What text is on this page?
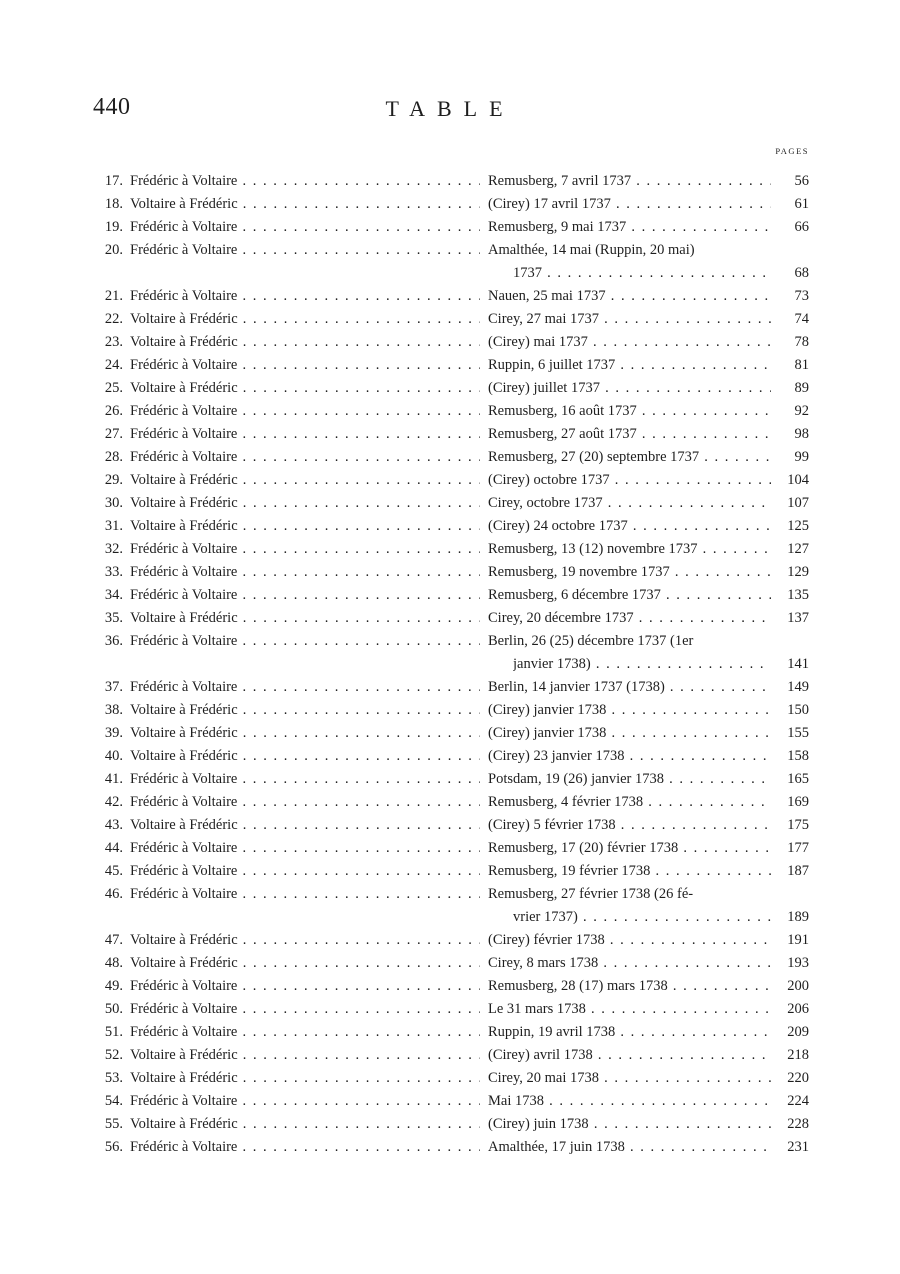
440	TABLE
PAGES
17. Frédéric à Voltaire . . .	Remusberg, 7 avril 1737 . . .	56
18. Voltaire à Frédéric . . .	(Cirey) 17 avril 1737 . . .	61
19. Frédéric à Voltaire . . .	Remusberg, 9 mai 1737 . . .	66
20. Frédéric à Voltaire . . .	Amalthée, 14 mai (Ruppin, 20 mai)
1737 . . .	68
21. Frédéric à Voltaire . . .	Nauen, 25 mai 1737 . . .	73
22. Voltaire à Frédéric . . .	Cirey, 27 mai 1737 . . .	74
23. Voltaire à Frédéric . . .	(Cirey) mai 1737 . . .	78
24. Frédéric à Voltaire . . .	Ruppin, 6 juillet 1737 . . .	81
25. Voltaire à Frédéric . . .	(Cirey) juillet 1737 . . .	89
26. Frédéric à Voltaire . . .	Remusberg, 16 août 1737 . . .	92
27. Frédéric à Voltaire . . .	Remusberg, 27 août 1737 . . .	98
28. Frédéric à Voltaire . . .	Remusberg, 27 (20) septembre 1737 . . .	99
29. Voltaire à Frédéric . . .	(Cirey) octobre 1737 . . .	104
30. Voltaire à Frédéric . . .	Cirey, octobre 1737 . . .	107
31. Voltaire à Frédéric . . .	(Cirey) 24 octobre 1737 . . .	125
32. Frédéric à Voltaire . . .	Remusberg, 13 (12) novembre 1737 . . .	127
33. Frédéric à Voltaire . . .	Remusberg, 19 novembre 1737 . . .	129
34. Frédéric à Voltaire . . .	Remusberg, 6 décembre 1737 . . .	135
35. Voltaire à Frédéric . . .	Cirey, 20 décembre 1737 . . .	137
36. Frédéric à Voltaire . . .	Berlin, 26 (25) décembre 1737 (1er
janvier 1738) . . .	141
37. Frédéric à Voltaire . . .	Berlin, 14 janvier 1737 (1738) . . .	149
38. Voltaire à Frédéric . . .	(Cirey) janvier 1738 . . .	150
39. Voltaire à Frédéric . . .	(Cirey) janvier 1738 . . .	155
40. Voltaire à Frédéric . . .	(Cirey) 23 janvier 1738 . . .	158
41. Frédéric à Voltaire . . .	Potsdam, 19 (26) janvier 1738 . . .	165
42. Frédéric à Voltaire . . .	Remusberg, 4 février 1738 . . .	169
43. Voltaire à Frédéric . . .	(Cirey) 5 février 1738 . . .	175
44. Frédéric à Voltaire . . .	Remusberg, 17 (20) février 1738 . . .	177
45. Frédéric à Voltaire . . .	Remusberg, 19 février 1738 . . .	187
46. Frédéric à Voltaire . . .	Remusberg, 27 février 1738 (26 fé-
vrier 1737) . . .	189
47. Voltaire à Frédéric . . .	(Cirey) février 1738 . . .	191
48. Voltaire à Frédéric . . .	Cirey, 8 mars 1738 . . .	193
49. Frédéric à Voltaire . . .	Remusberg, 28 (17) mars 1738 . . .	200
50. Frédéric à Voltaire . . .	Le 31 mars 1738 . . .	206
51. Frédéric à Voltaire . . .	Ruppin, 19 avril 1738 . . .	209
52. Voltaire à Frédéric . . .	(Cirey) avril 1738 . . .	218
53. Voltaire à Frédéric . . .	Cirey, 20 mai 1738 . . .	220
54. Frédéric à Voltaire . . .	Mai 1738 . . .	224
55. Voltaire à Frédéric . . .	(Cirey) juin 1738 . . .	228
56. Frédéric à Voltaire . . .	Amalthée, 17 juin 1738 . . .	231
